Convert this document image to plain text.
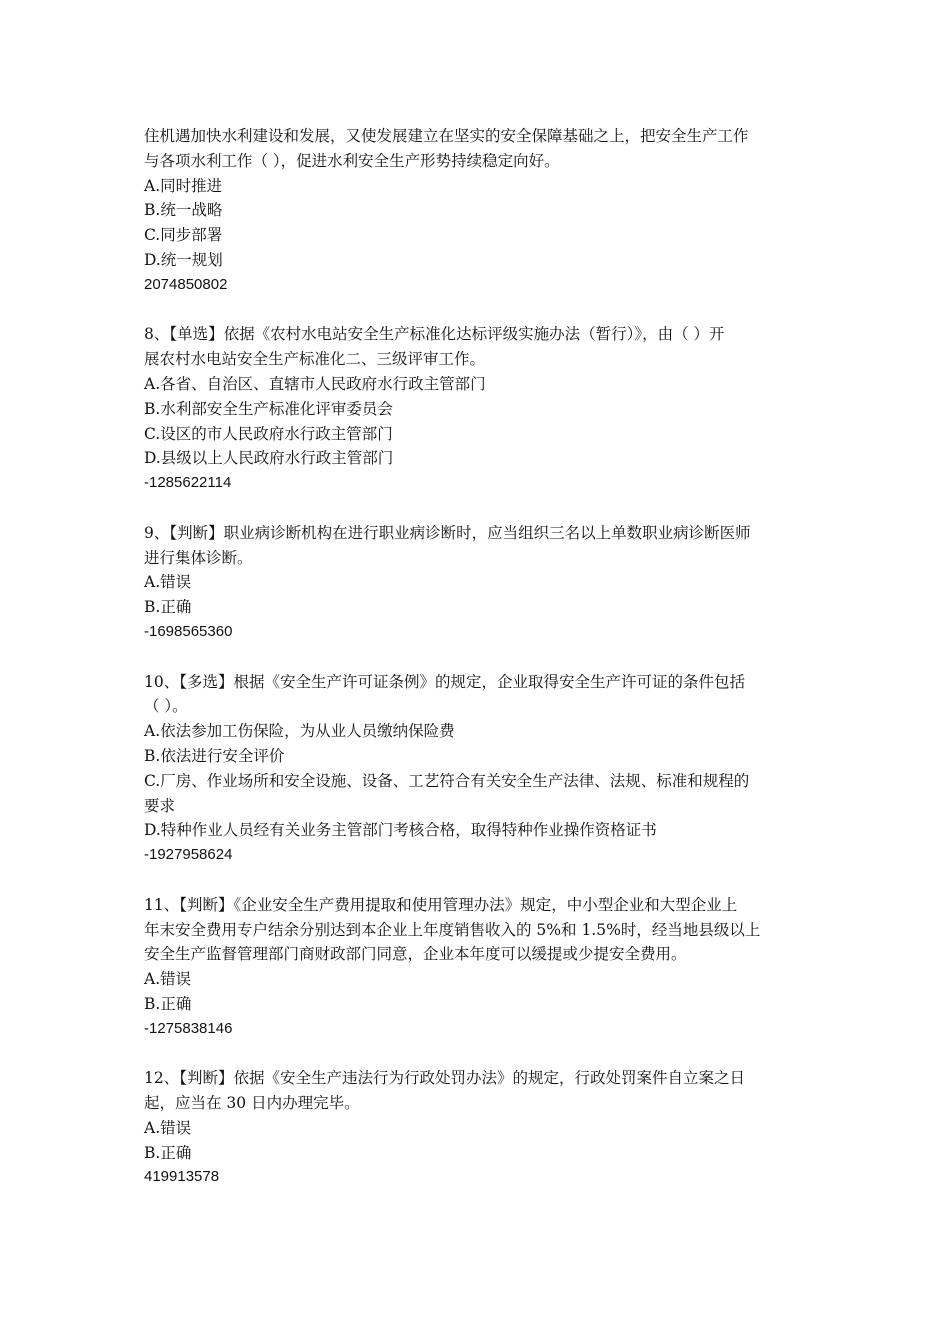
住机遇加快水利建设和发展，又使发展建立在坚实的安全保障基础之上，把安全生产工作
与各项水利工作（ ），促进水利安全生产形势持续稳定向好。
A.同时推进
B.统一战略
C.同步部署
D.统一规划
2074850802
8、【单选】依据《农村水电站安全生产标准化达标评级实施办法（暂行）》，由（ ）开
展农村水电站安全生产标准化二、三级评审工作。
A.各省、自治区、直辖市人民政府水行政主管部门
B.水利部安全生产标准化评审委员会
C.设区的市人民政府水行政主管部门
D.县级以上人民政府水行政主管部门
-1285622114
9、【判断】职业病诊断机构在进行职业病诊断时，应当组织三名以上单数职业病诊断医师
进行集体诊断。
A.错误
B.正确
-1698565360
10、【多选】根据《安全生产许可证条例》的规定，企业取得安全生产许可证的条件包括
（ ）。
A.依法参加工伤保险，为从业人员缴纳保险费
B.依法进行安全评价
C.厂房、作业场所和安全设施、设备、工艺符合有关安全生产法律、法规、标准和规程的
要求
D.特种作业人员经有关业务主管部门考核合格，取得特种作业操作资格证书
-1927958624
11、【判断】《企业安全生产费用提取和使用管理办法》规定，中小型企业和大型企业上
年末安全费用专户结余分别达到本企业上年度销售收入的 5%和 1.5%时，经当地县级以上
安全生产监督管理部门商财政部门同意，企业本年度可以缓提或少提安全费用。
A.错误
B.正确
-1275838146
12、【判断】依据《安全生产违法行为行政处罚办法》的规定，行政处罚案件自立案之日
起，应当在 30 日内办理完毕。
A.错误
B.正确
419913578
